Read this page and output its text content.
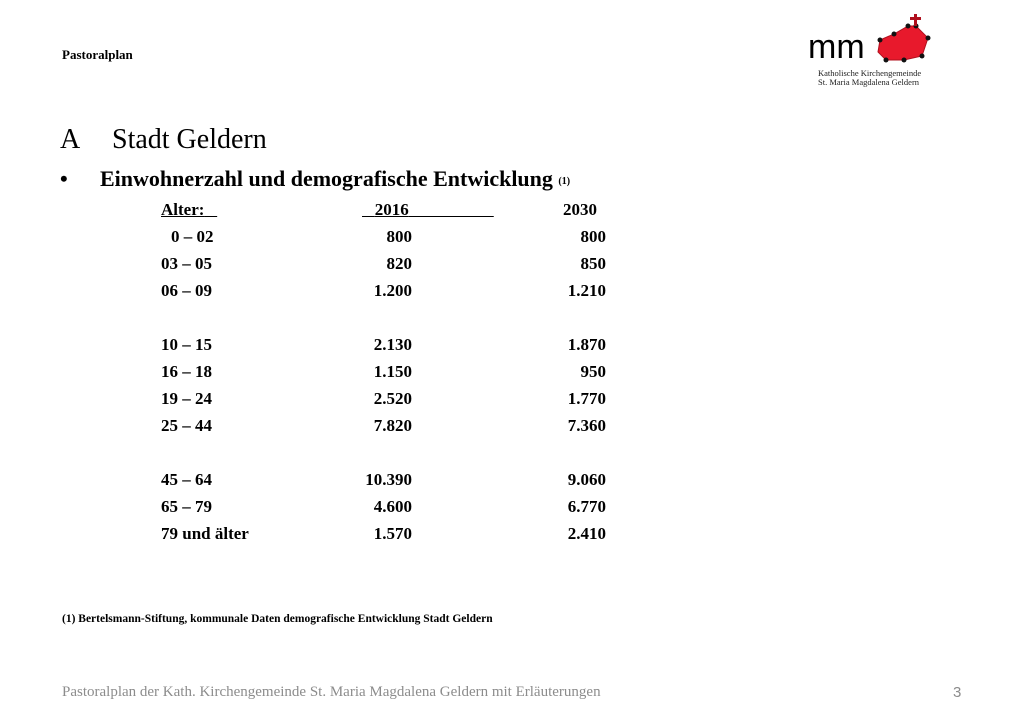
Pastoralplan	mm
Katholische Kirchengemeinde
St. Maria Magdalena Geldern
A Stadt Geldern
• Einwohnerzahl und demografische Entwicklung (1)
Alter:	2016	2030
0 – 02	800	800
03 – 05	820	850
06 – 09	1.200	1.210
10 – 15	2.130	1.870
16 – 18	1.150	950
19 – 24	2.520	1.770
25 – 44	7.820	7.360
45 – 64	10.390	9.060
65 – 79	4.600	6.770
79 und älter	1.570	2.410
(1) Bertelsmann-Stiftung, kommunale Daten demografische Entwicklung Stadt Geldern
Pastoralplan der Kath. Kirchengemeinde St. Maria Magdalena Geldern mit Erläuterungen	3
